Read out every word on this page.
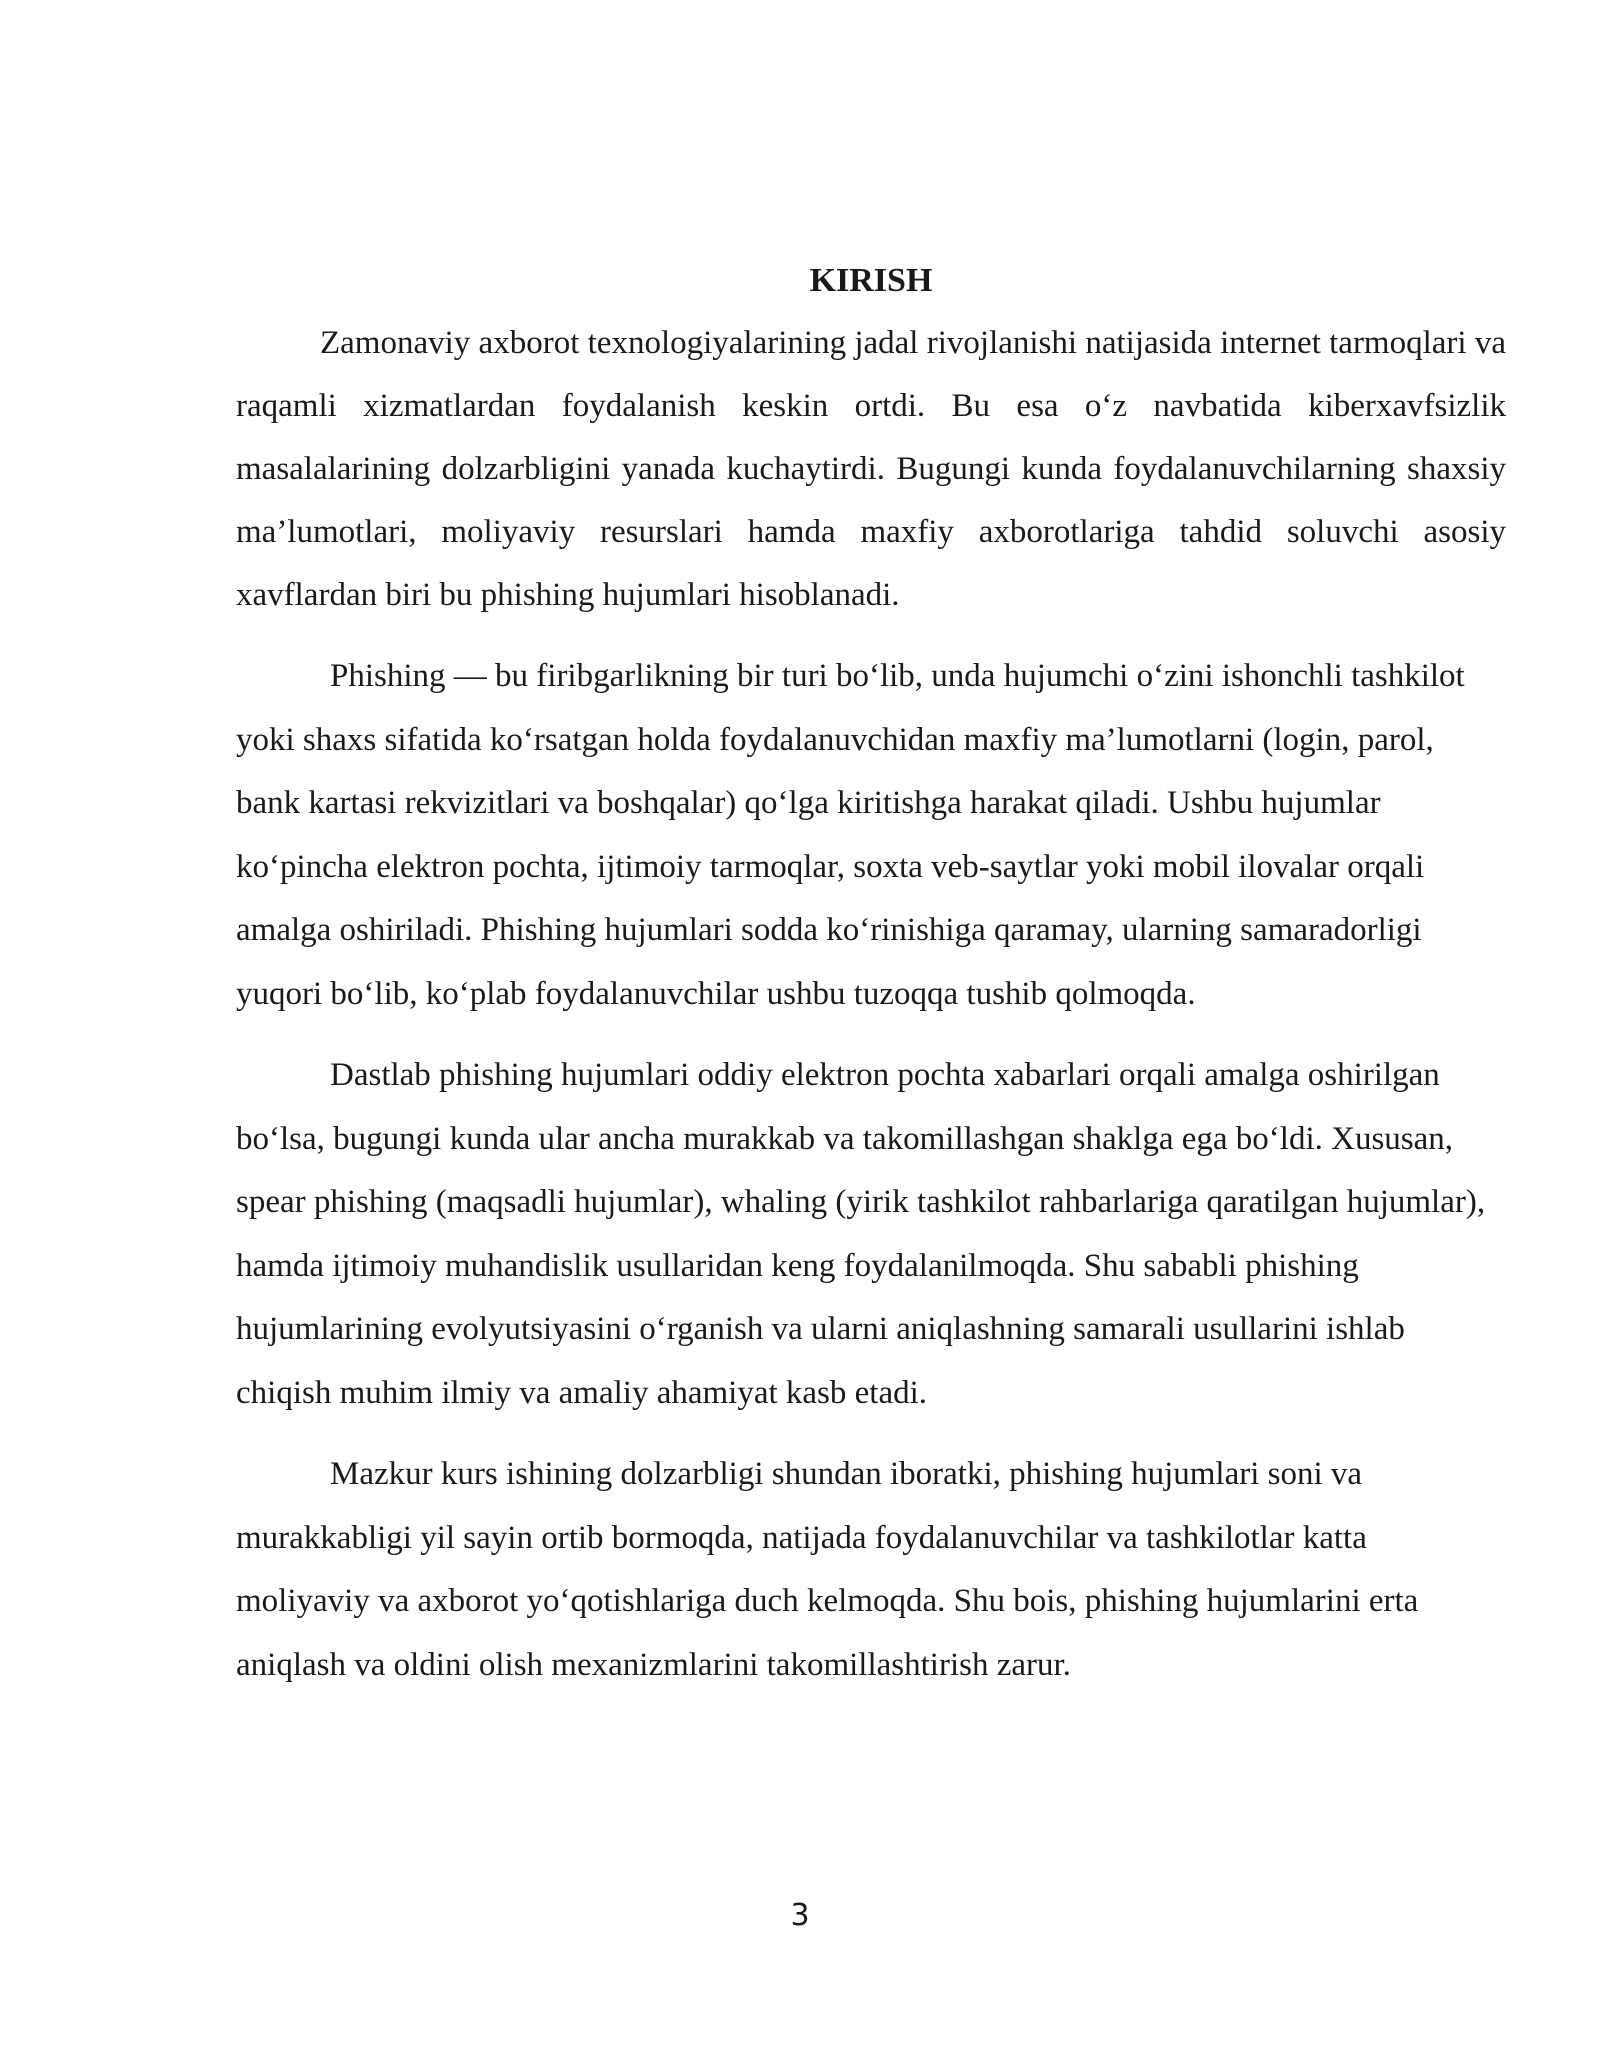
KIRISH

Zamonaviy axborot texnologiyalarining jadal rivojlanishi natijasida internet tarmoqlari va raqamli xizmatlardan foydalanish keskin ortdi. Bu esa o‘z navbatida kiberxavfsizlik masalalarining dolzarbligini yanada kuchaytirdi. Bugungi kunda foydalanuvchilarning shaxsiy ma’lumotlari, moliyaviy resurslari hamda maxfiy axborotlariga tahdid soluvchi asosiy xavflardan biri bu phishing hujumlari hisoblanadi.

Phishing — bu firibgarlikning bir turi bo‘lib, unda hujumchi o‘zini ishonchli tashkilot yoki shaxs sifatida ko‘rsatgan holda foydalanuvchidan maxfiy ma’lumotlarni (login, parol, bank kartasi rekvizitlari va boshqalar) qo‘lga kiritishga harakat qiladi. Ushbu hujumlar ko‘pincha elektron pochta, ijtimoiy tarmoqlar, soxta veb-saytlar yoki mobil ilovalar orqali amalga oshiriladi. Phishing hujumlari sodda ko‘rinishiga qaramay, ularning samaradorligi yuqori bo‘lib, ko‘plab foydalanuvchilar ushbu tuzoqqa tushib qolmoqda.

Dastlab phishing hujumlari oddiy elektron pochta xabarlari orqali amalga oshirilgan bo‘lsa, bugungi kunda ular ancha murakkab va takomillashgan shaklga ega bo‘ldi. Xususan, spear phishing (maqsadli hujumlar), whaling (yirik tashkilot rahbarlariga qaratilgan hujumlar), hamda ijtimoiy muhandislik usullaridan keng foydalanilmoqda. Shu sababli phishing hujumlarining evolyutsiyasini o‘rganish va ularni aniqlashning samarali usullarini ishlab chiqish muhim ilmiy va amaliy ahamiyat kasb etadi.

Mazkur kurs ishining dolzarbligi shundan iboratki, phishing hujumlari soni va murakkabligi yil sayin ortib bormoqda, natijada foydalanuvchilar va tashkilotlar katta moliyaviy va axborot yo‘qotishlariga duch kelmoqda. Shu bois, phishing hujumlarini erta aniqlash va oldini olish mexanizmlarini takomillashtirish zarur.

3
